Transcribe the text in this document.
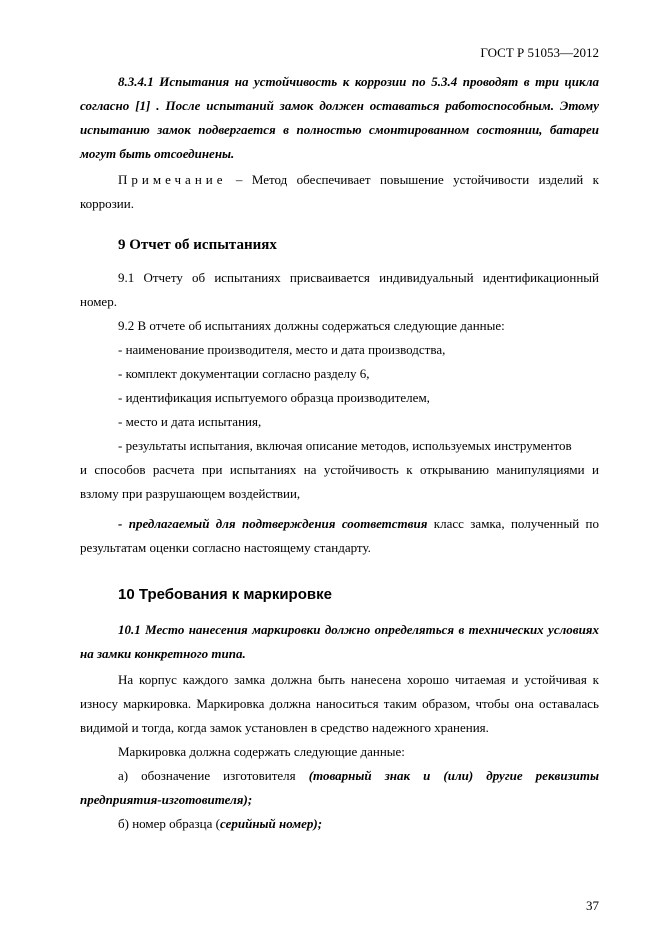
ГОСТ Р 51053—2012

8.3.4.1 Испытания на устойчивость к коррозии по 5.3.4 проводят в три цикла согласно [1] . После испытаний замок должен оставаться работоспособным. Этому испытанию замок подвергается в полностью смонтированном состоянии, батареи могут быть отсоединены.

Примечание – Метод обеспечивает повышение устойчивости изделий к коррозии.

9 Отчет об испытаниях

9.1 Отчету об испытаниях присваивается индивидуальный идентификационный номер.

9.2 В отчете об испытаниях должны содержаться следующие данные:

- наименование производителя, место и дата производства,

- комплект документации согласно разделу 6,

- идентификация испытуемого образца производителем,

- место и дата испытания,

- результаты испытания, включая описание методов, используемых инструментов

и способов расчета при испытаниях на устойчивость к открыванию манипуляциями и взлому при разрушающем воздействии,

- предлагаемый для подтверждения соответствия класс замка, полученный по результатам оценки согласно настоящему стандарту.

10 Требования к маркировке

10.1 Место нанесения маркировки должно определяться в технических условиях на замки конкретного типа.

На корпус каждого замка должна быть нанесена хорошо читаемая и устойчивая к износу маркировка. Маркировка должна наноситься таким образом, чтобы она оставалась видимой и тогда, когда замок установлен в средство надежного хранения.

Маркировка должна содержать следующие данные:

а) обозначение изготовителя (товарный знак и (или) другие реквизиты предприятия-изготовителя);

б) номер образца (серийный номер);

37
